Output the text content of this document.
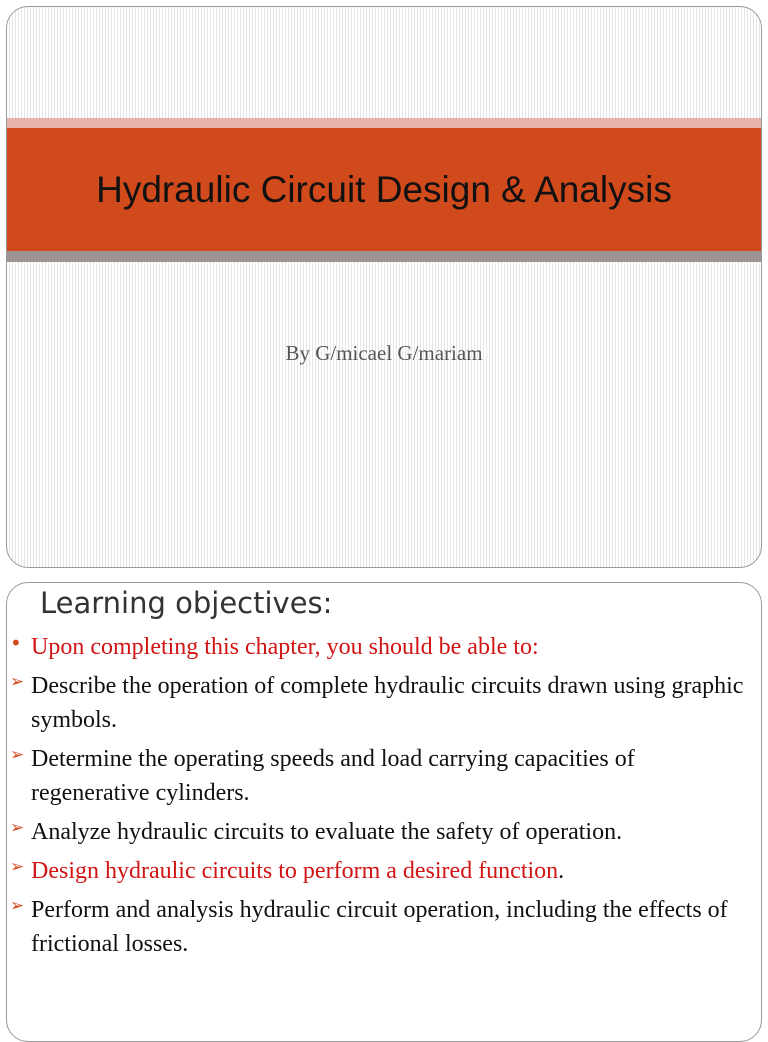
Hydraulic Circuit Design & Analysis
By G/micael G/mariam
Learning objectives:
• Upon completing this chapter, you should be able to:
➢ Describe the operation of complete hydraulic circuits drawn using graphic symbols.
➢ Determine the operating speeds and load carrying capacities of regenerative cylinders.
➢ Analyze hydraulic circuits to evaluate the safety of operation.
➢ Design hydraulic circuits to perform a desired function.
➢ Perform and analysis hydraulic circuit operation, including the effects of frictional losses.
